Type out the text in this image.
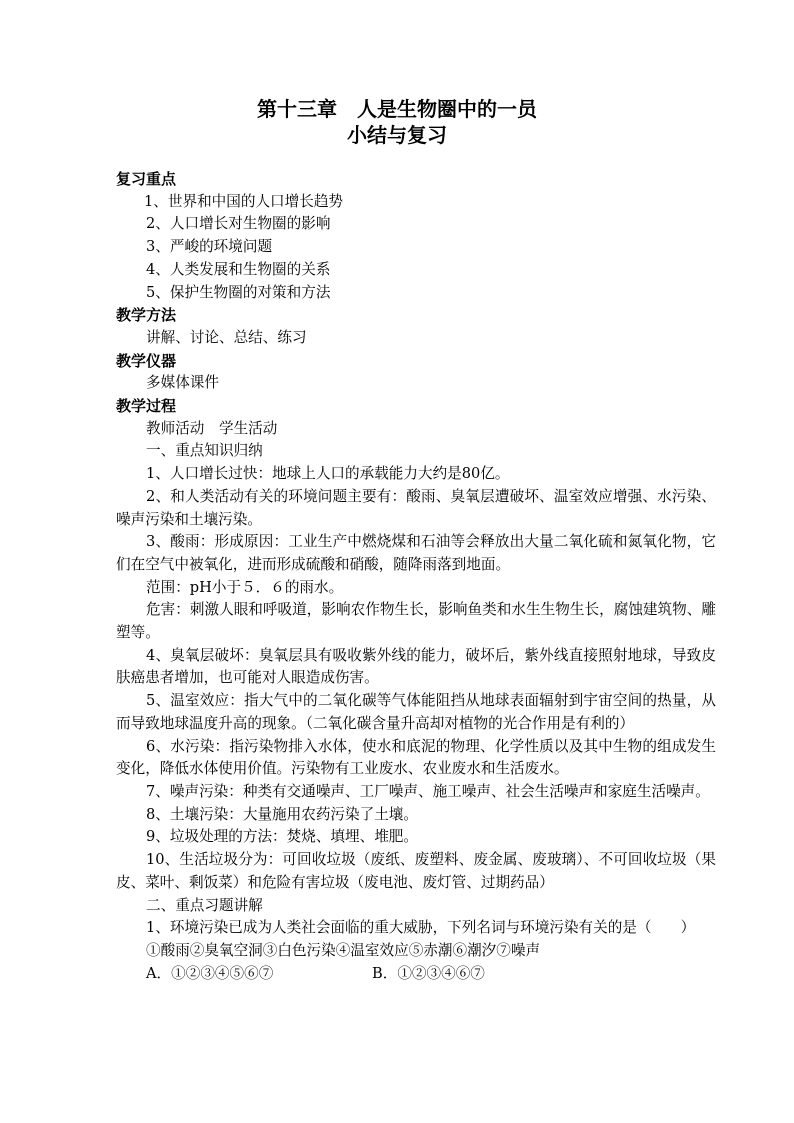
第十三章　人是生物圈中的一员
小结与复习

复习重点

1、世界和中国的人口增长趋势

2、人口增长对生物圈的影响

3、严峻的环境问题

4、人类发展和生物圈的关系

5、保护生物圈的对策和方法

教学方法

讲解、讨论、总结、练习

教学仪器

多媒体课件

教学过程

教师活动　学生活动

一、重点知识归纳

1、人口增长过快：地球上人口的承载能力大约是80亿。

2、和人类活动有关的环境问题主要有：酸雨、臭氧层遭破坏、温室效应增强、水污染、噪声污染和土壤污染。

3、酸雨：形成原因：工业生产中燃烧煤和石油等会释放出大量二氧化硫和氮氧化物，它们在空气中被氧化，进而形成硫酸和硝酸，随降雨落到地面。

范围：pH小于５．６的雨水。

危害：刺激人眼和呼吸道，影响农作物生长，影响鱼类和水生生物生长，腐蚀建筑物、雕塑等。

4、臭氧层破坏：臭氧层具有吸收紫外线的能力，破坏后，紫外线直接照射地球，导致皮肤癌患者增加，也可能对人眼造成伤害。

5、温室效应：指大气中的二氧化碳等气体能阻挡从地球表面辐射到宇宙空间的热量，从而导致地球温度升高的现象。（二氧化碳含量升高却对植物的光合作用是有利的）

6、水污染：指污染物排入水体，使水和底泥的物理、化学性质以及其中生物的组成发生变化，降低水体使用价值。污染物有工业废水、农业废水和生活废水。

7、噪声污染：种类有交通噪声、工厂噪声、施工噪声、社会生活噪声和家庭生活噪声。

8、土壤污染：大量施用农药污染了土壤。

9、垃圾处理的方法：焚烧、填埋、堆肥。

10、生活垃圾分为：可回收垃圾（废纸、废塑料、废金属、废玻璃）、不可回收垃圾（果皮、菜叶、剩饭菜）和危险有害垃圾（废电池、废灯管、过期药品）

二、重点习题讲解

1、环境污染已成为人类社会面临的重大威胁，下列名词与环境污染有关的是（　　）

①酸雨②臭氧空洞③白色污染④温室效应⑤赤潮⑥潮汐⑦噪声

A．①②③④⑤⑥⑦	B．①②③④⑥⑦
